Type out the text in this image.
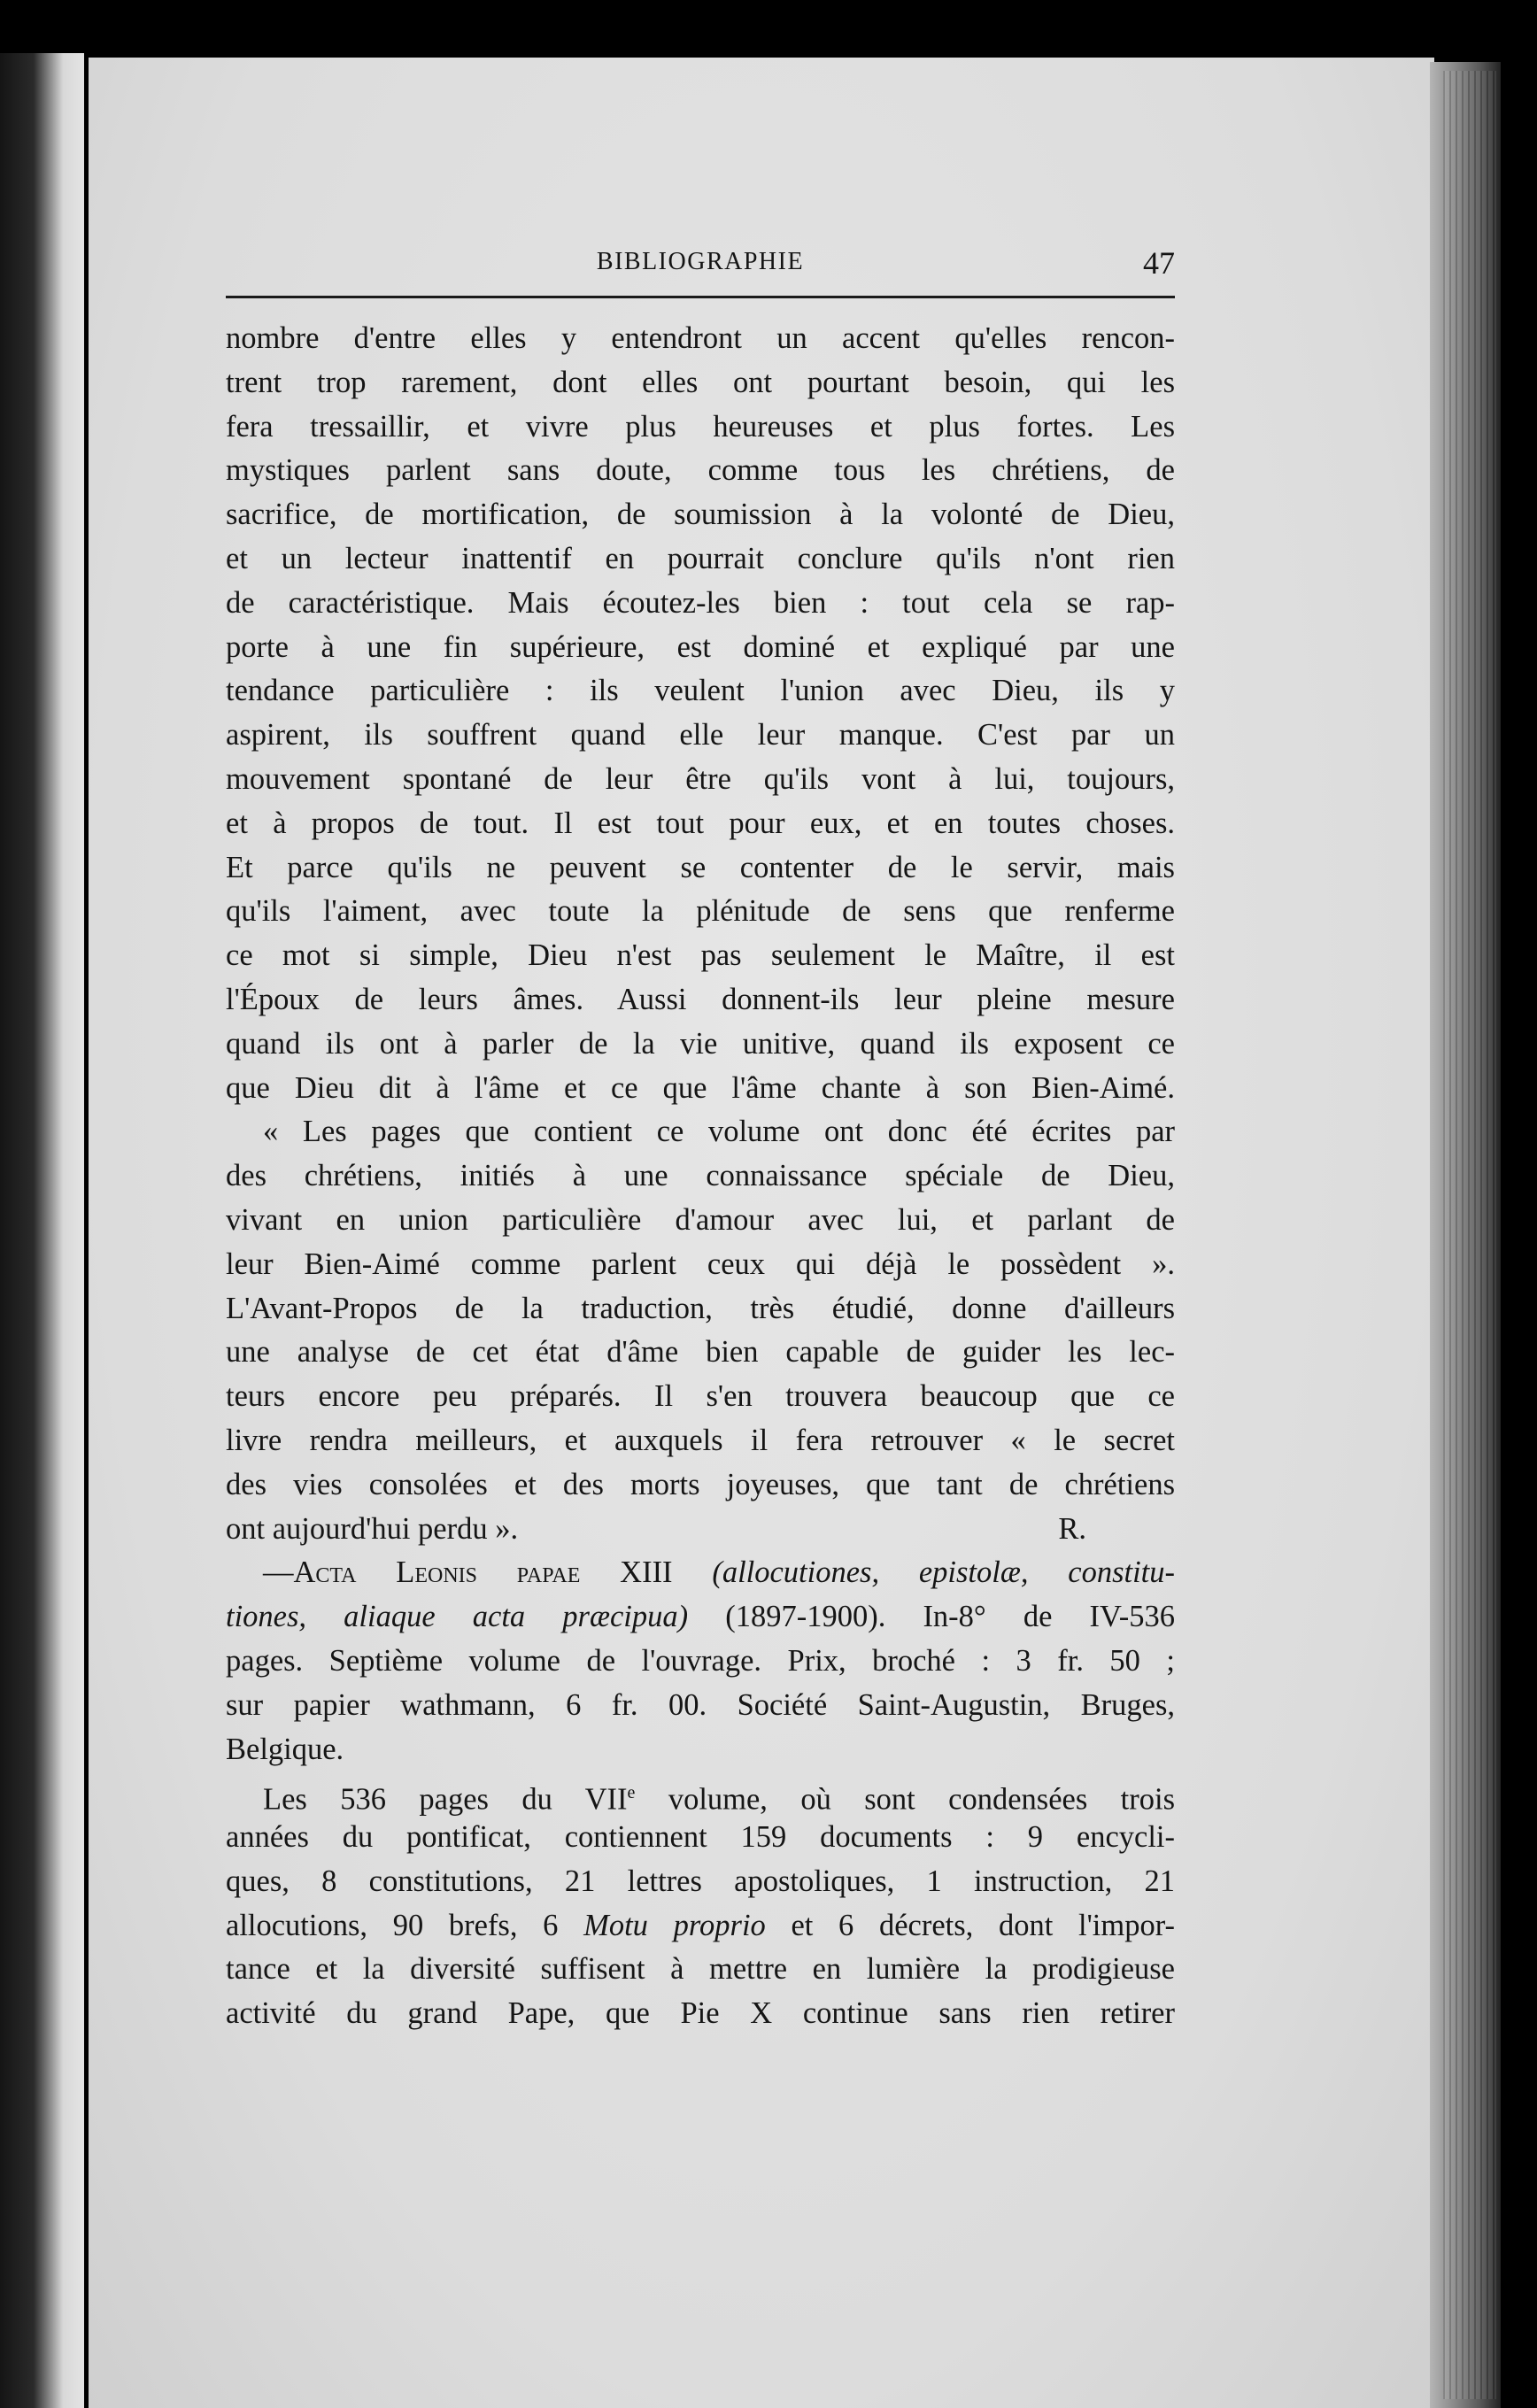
BIBLIOGRAPHIE	47
nombre d'entre elles y entendront un accent qu'elles rencon-
trent trop rarement, dont elles ont pourtant besoin, qui les
fera tressaillir, et vivre plus heureuses et plus fortes. Les
mystiques parlent sans doute, comme tous les chrétiens, de
sacrifice, de mortification, de soumission à la volonté de Dieu,
et un lecteur inattentif en pourrait conclure qu'ils n'ont rien
de caractéristique. Mais écoutez-les bien : tout cela se rap-
porte à une fin supérieure, est dominé et expliqué par une
tendance particulière : ils veulent l'union avec Dieu, ils y
aspirent, ils souffrent quand elle leur manque. C'est par un
mouvement spontané de leur être qu'ils vont à lui, toujours,
et à propos de tout. Il est tout pour eux, et en toutes choses.
Et parce qu'ils ne peuvent se contenter de le servir, mais
qu'ils l'aiment, avec toute la plénitude de sens que renferme
ce mot si simple, Dieu n'est pas seulement le Maître, il est
l'Époux de leurs âmes. Aussi donnent-ils leur pleine mesure
quand ils ont à parler de la vie unitive, quand ils exposent ce
que Dieu dit à l'âme et ce que l'âme chante à son Bien-Aimé.
« Les pages que contient ce volume ont donc été écrites par
des chrétiens, initiés à une connaissance spéciale de Dieu,
vivant en union particulière d'amour avec lui, et parlant de
leur Bien-Aimé comme parlent ceux qui déjà le possèdent ».
L'Avant-Propos de la traduction, très étudié, donne d'ailleurs
une analyse de cet état d'âme bien capable de guider les lec-
teurs encore peu préparés. Il s'en trouvera beaucoup que ce
livre rendra meilleurs, et auxquels il fera retrouver « le secret
des vies consolées et des morts joyeuses, que tant de chrétiens
ont aujourd'hui perdu ».	R.
—Acta Leonis papae XIII (allocutiones, epistolæ, constitu-
tiones, aliaque acta præcipua) (1897-1900). In-8° de IV-536
pages. Septième volume de l'ouvrage. Prix, broché : 3 fr. 50 ;
sur papier wathmann, 6 fr. 00. Société Saint-Augustin, Bruges,
Belgique.
Les 536 pages du VIIe volume, où sont condensées trois
années du pontificat, contiennent 159 documents : 9 encycli-
ques, 8 constitutions, 21 lettres apostoliques, 1 instruction, 21
allocutions, 90 brefs, 6 Motu proprio et 6 décrets, dont l'impor-
tance et la diversité suffisent à mettre en lumière la prodigieuse
activité du grand Pape, que Pie X continue sans rien retirer
